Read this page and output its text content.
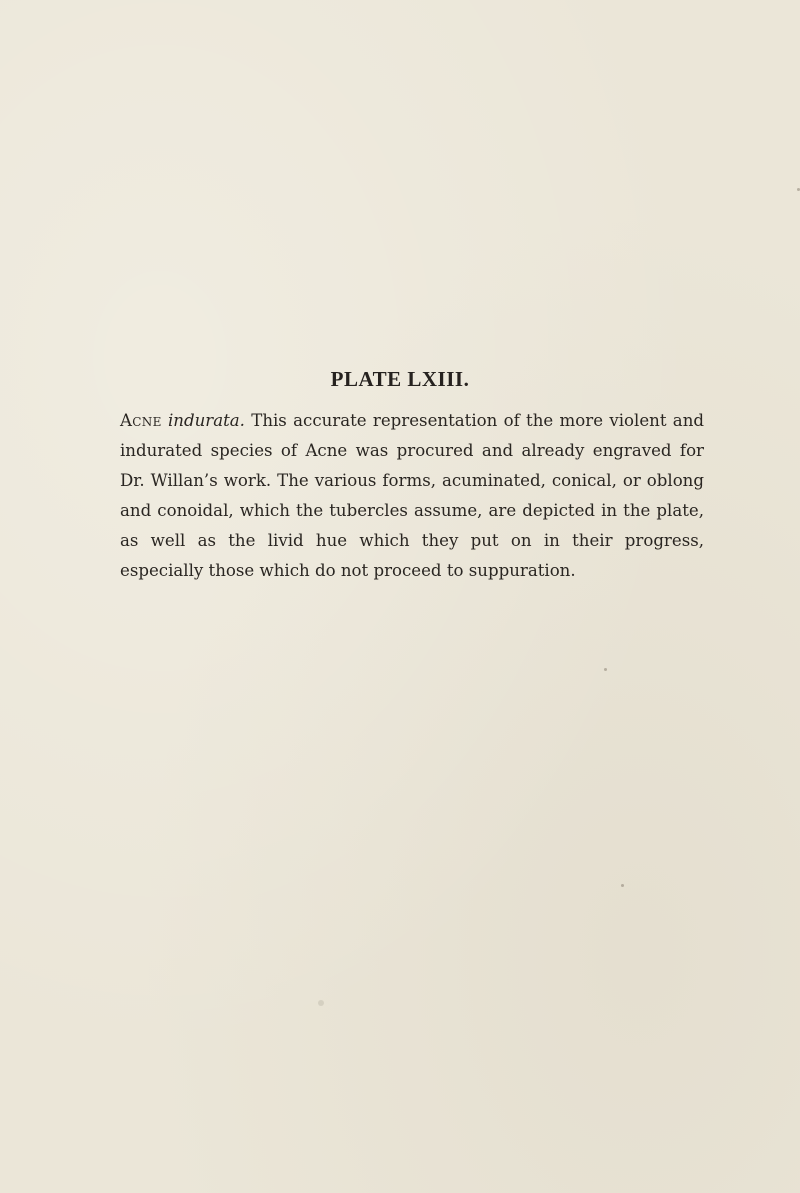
PLATE LXIII.

Acne indurata. This accurate representation of the more violent and indurated species of Acne was procured and already engraved for Dr. Willan’s work. The various forms, acuminated, conical, or oblong and conoidal, which the tubercles assume, are depicted in the plate, as well as the livid hue which they put on in their progress, especially those which do not proceed to suppuration.
